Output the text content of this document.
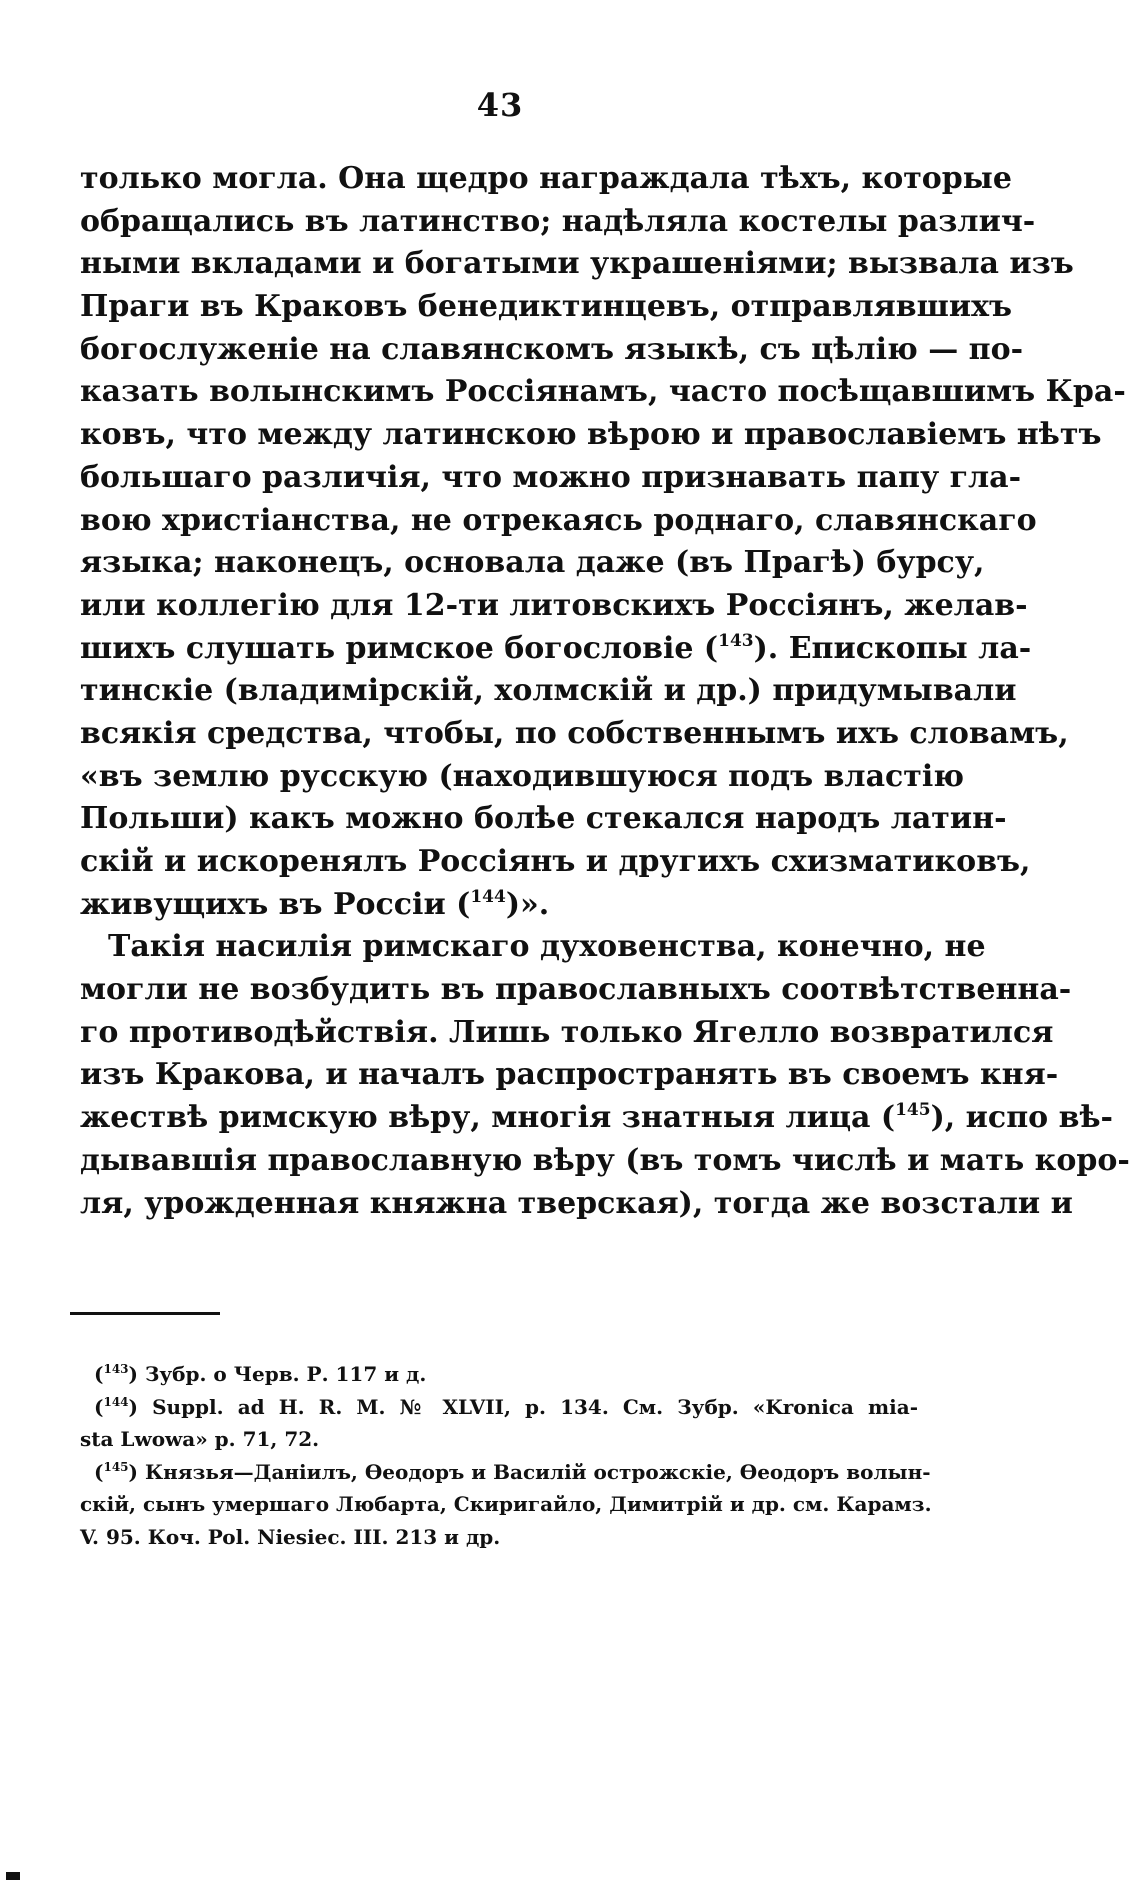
43
только могла. Она щедро награждала тѣхъ, которые
обращались въ латинство; надѣляла костелы различ-
ными вкладами и богатыми украшеніями; вызвала изъ
Праги въ Краковъ бенедиктинцевъ, отправлявшихъ
богослуженіе на славянскомъ языкѣ, съ цѣлію — по-
казать волынскимъ Россіянамъ, часто посѣщавшимъ Кра-
ковъ, что между латинскою вѣрою и православіемъ нѣтъ
большаго различія, что можно признавать папу гла-
вою христіанства, не отрекаясь роднаго, славянскаго
языка; наконецъ, основала даже (въ Прагѣ) бурсу,
или коллегію для 12-ти литовскихъ Россіянъ, желав-
шихъ слушать римское богословіе ($^{143}$). Епископы ла-
тинскіе (владимірскій, холмскій и др.) придумывали
всякія средства, чтобы, по собственнымъ ихъ словамъ,
«въ землю русскую (находившуюся подъ властію
Польши) какъ можно болѣе стекался народъ латин-
скій и искоренялъ Россіянъ и другихъ схизматиковъ,
живущихъ въ Россіи ($^{144}$)».
Такія насилія римскаго духовенства, конечно, не
могли не возбудить въ православныхъ соотвѣтственна-
го противодѣйствія. Лишь только Ягелло возвратился
изъ Кракова, и началъ распространять въ своемъ кня-
жествѣ римскую вѣру, многія знатныя лица ($^{145}$), испо вѣ-
дывавшія православную вѣру (въ томъ числѣ и мать коро-
ля, урожденная княжна тверская), тогда же возстали и
($^{143}$) Зубр. о Черв. Р. 117 и д.
($^{144}$) Suppl. ad H. R. M. № XLVII, p. 134. Cм. Зубр. «Kronica mia-
sta Lwowa» p. 71, 72.
($^{145}$) Князья—Даніилъ, Ѳеодоръ и Василій острожскіе, Ѳеодоръ волын-
скій, сынъ умершаго Любарта, Скиригайло, Димитрій и др. см. Карамз.
V. 95. Коч. Pol. Niesiec. III. 213 и др.
